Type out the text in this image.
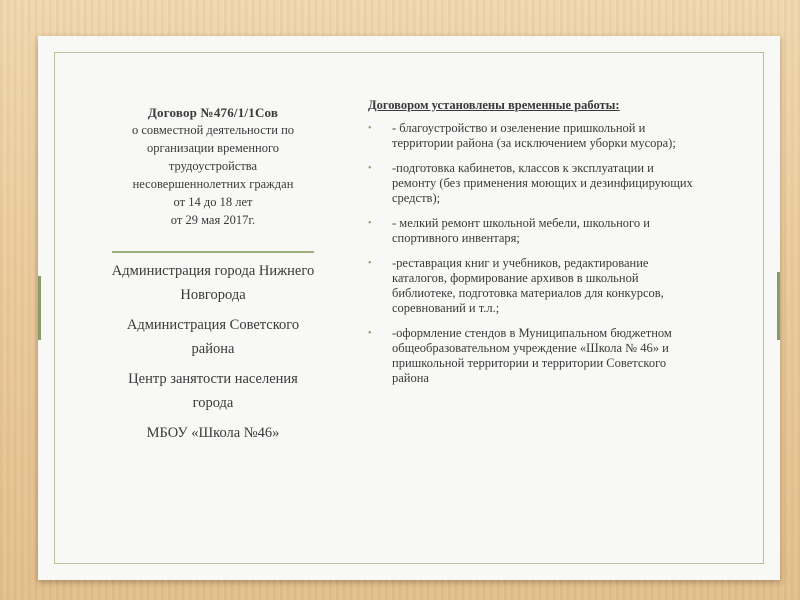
Договор №476/1/1Сов
о совместной деятельности по
организации временного
трудоустройства
несовершеннолетних граждан
от 14 до 18 лет
от 29 мая 2017г.
Администрация города Нижнего Новгорода
Администрация Советского района
Центр занятости населения города
МБОУ «Школа №46»
Договором установлены временные работы:
• - благоустройство и озеленение пришкольной и территории района (за исключением уборки мусора);
• -подготовка кабинетов, классов к эксплуатации и ремонту (без применения моющих и дезинфицирующих средств);
• - мелкий ремонт школьной мебели, школьного и спортивного инвентаря;
• -реставрация книг и учебников, редактирование каталогов, формирование архивов в школьной библиотеке, подготовка материалов для конкурсов, соревнований и т.л.;
• -оформление стендов в Муниципальном бюджетном общеобразовательном учреждение «Школа № 46» и пришкольной территории и территории Советского района
